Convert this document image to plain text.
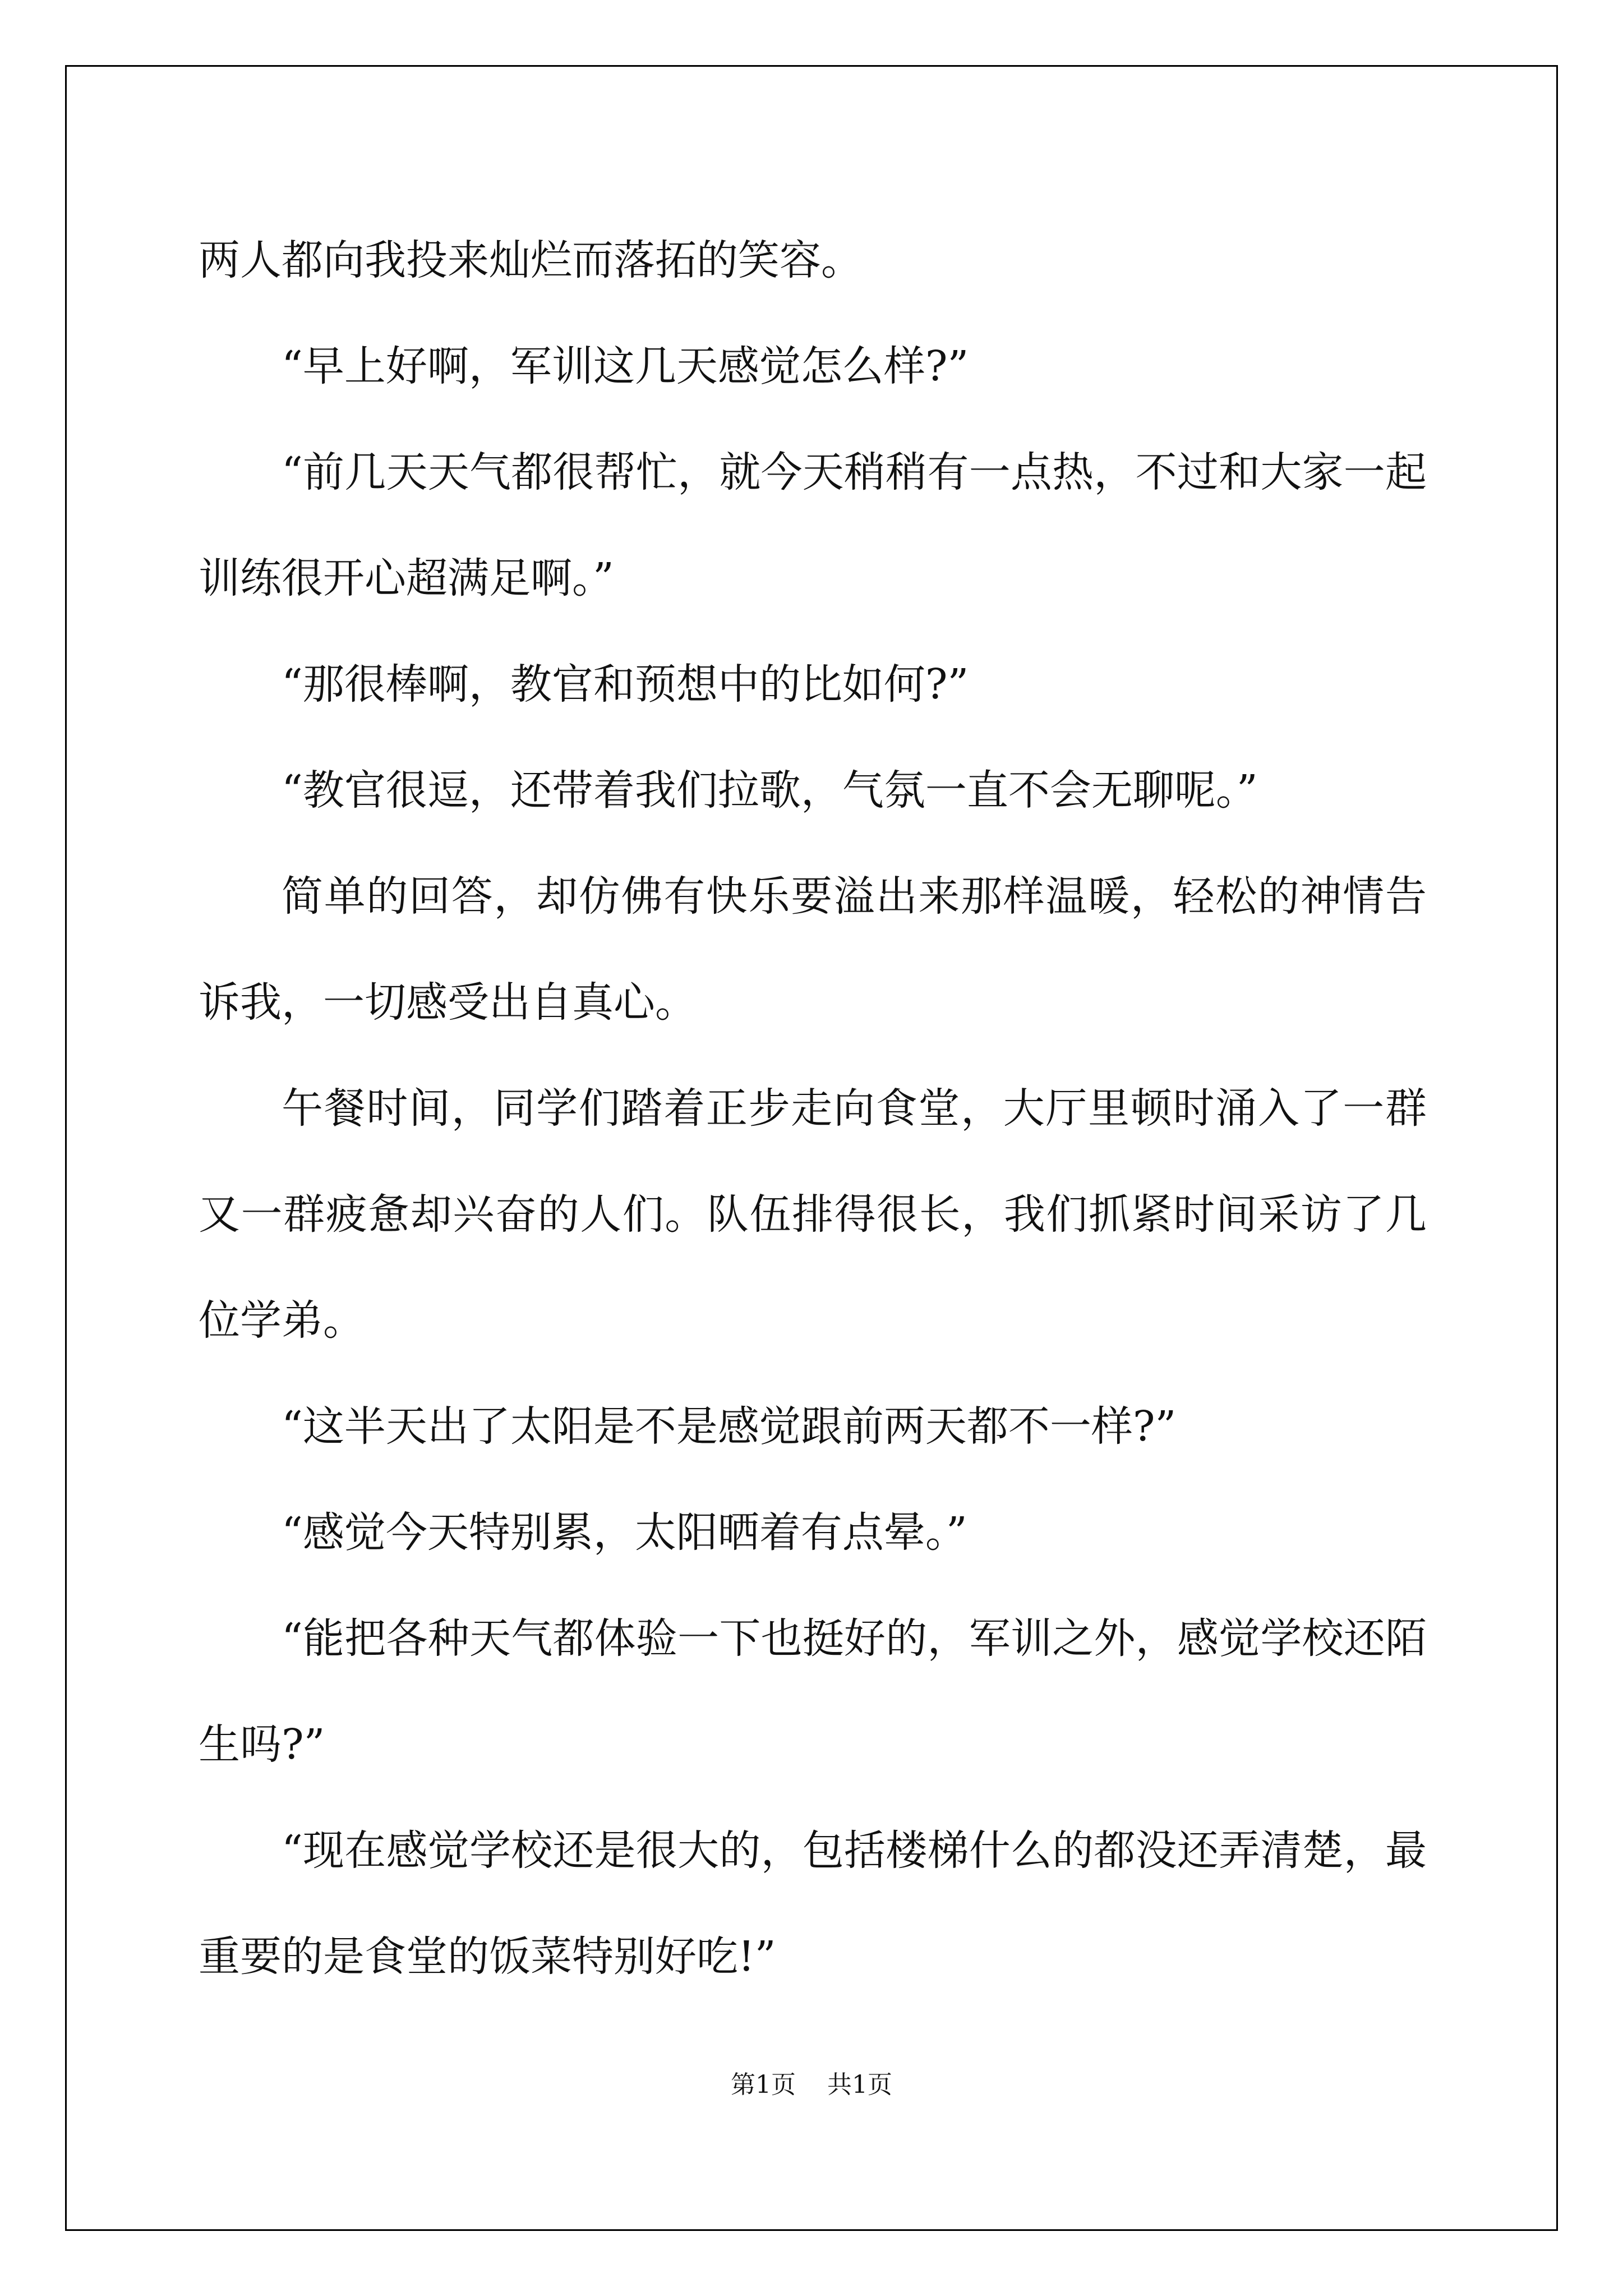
两人都向我投来灿烂而落拓的笑容。

“早上好啊，军训这几天感觉怎么样?”

“前几天天气都很帮忙，就今天稍稍有一点热，不过和大家一起训练很开心超满足啊。”

“那很棒啊，教官和预想中的比如何?”

“教官很逗，还带着我们拉歌，气氛一直不会无聊呢。”

简单的回答，却仿佛有快乐要溢出来那样温暖，轻松的神情告诉我，一切感受出自真心。

午餐时间，同学们踏着正步走向食堂，大厅里顿时涌入了一群又一群疲惫却兴奋的人们。队伍排得很长，我们抓紧时间采访了几位学弟。

“这半天出了太阳是不是感觉跟前两天都不一样?”

“感觉今天特别累，太阳晒着有点晕。”

“能把各种天气都体验一下也挺好的，军训之外，感觉学校还陌生吗?”

“现在感觉学校还是很大的，包括楼梯什么的都没还弄清楚，最重要的是食堂的饭菜特别好吃!”

第1页 共1页
